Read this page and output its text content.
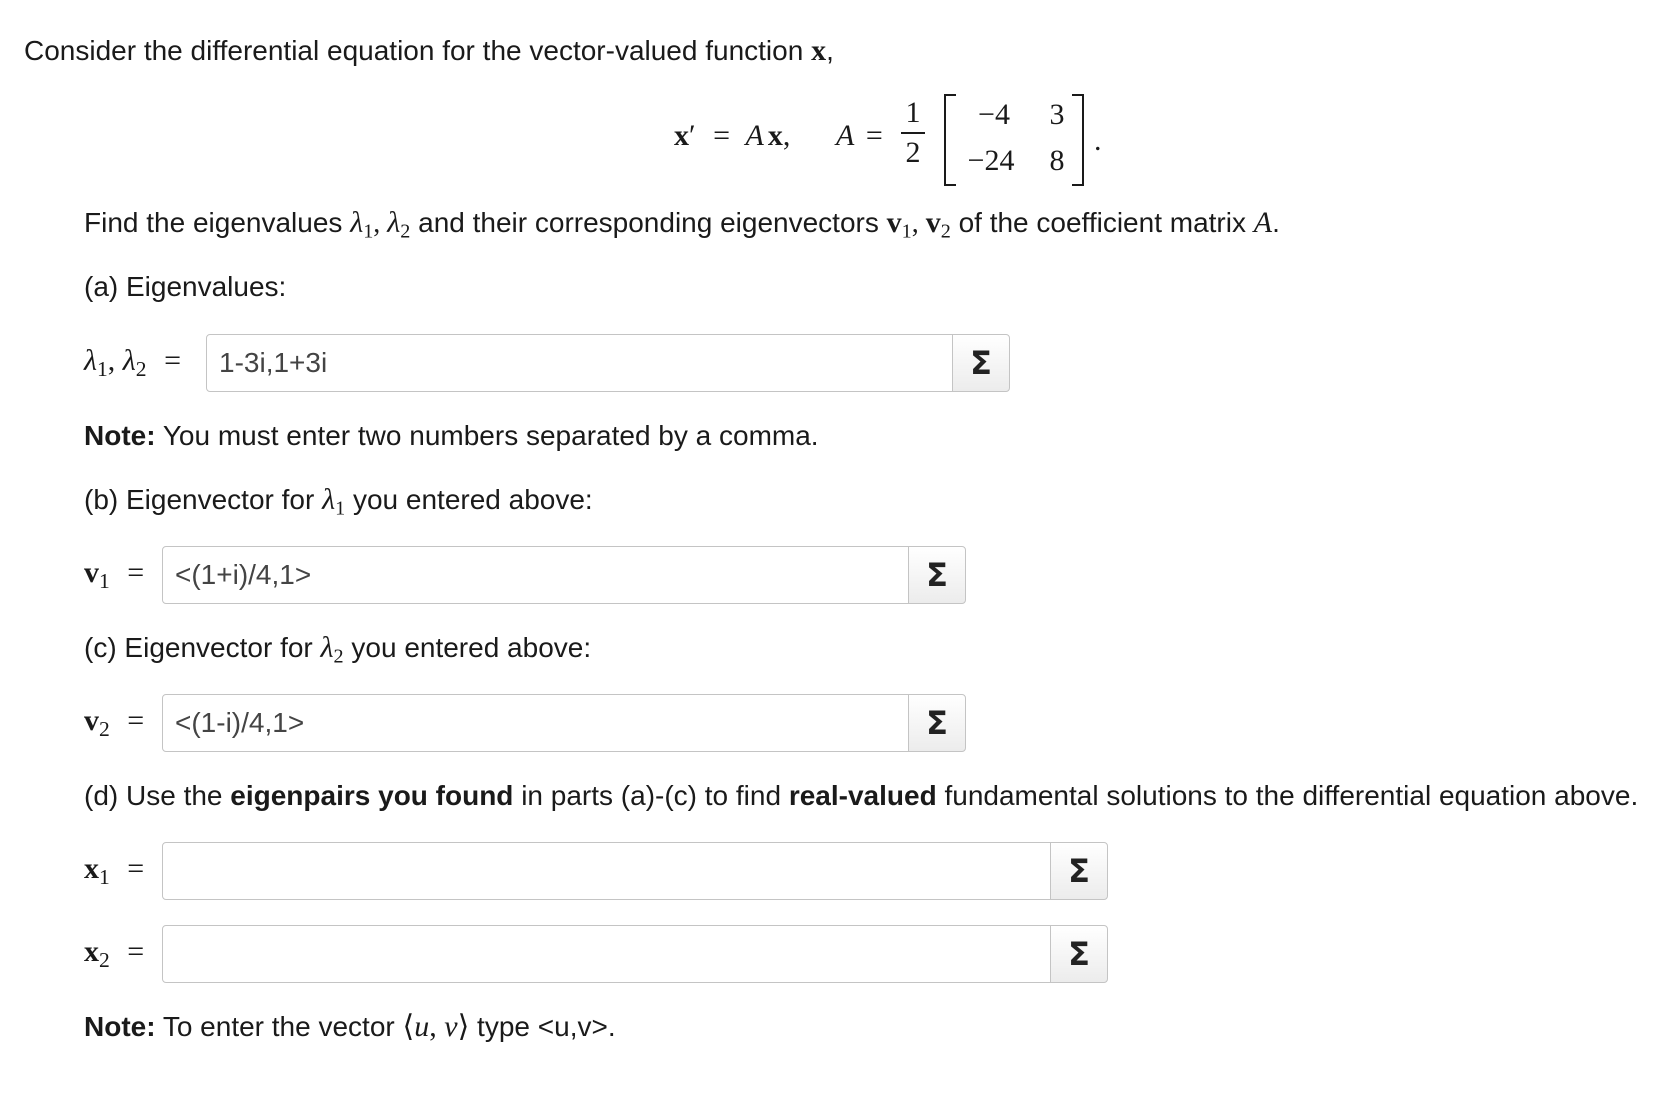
Consider the differential equation for the vector-valued function x,
x′ = A x, A =
1
2
−4	3
−24	8
.
Find the eigenvalues $\lambda_1$, $\lambda_2$ and their corresponding eigenvectors $v_1$, $v_2$ of the coefficient matrix A.
(a) Eigenvalues:
$\lambda_1$, $\lambda_2$ =
1-3i,1+3i	Σ
Note: You must enter two numbers separated by a comma.
(b) Eigenvector for $\lambda_1$ you entered above:
$v_1$ =
<(1+i)/4,1>	Σ
(c) Eigenvector for $\lambda_2$ you entered above:
$v_2$ =
<(1-i)/4,1>	Σ
(d) Use the eigenpairs you found in parts (a)-(c) to find real-valued fundamental solutions to the differential equation above.
$x_1$ =	Σ
$x_2$ =	Σ
Note: To enter the vector ⟨u, v⟩ type <u,v>.
